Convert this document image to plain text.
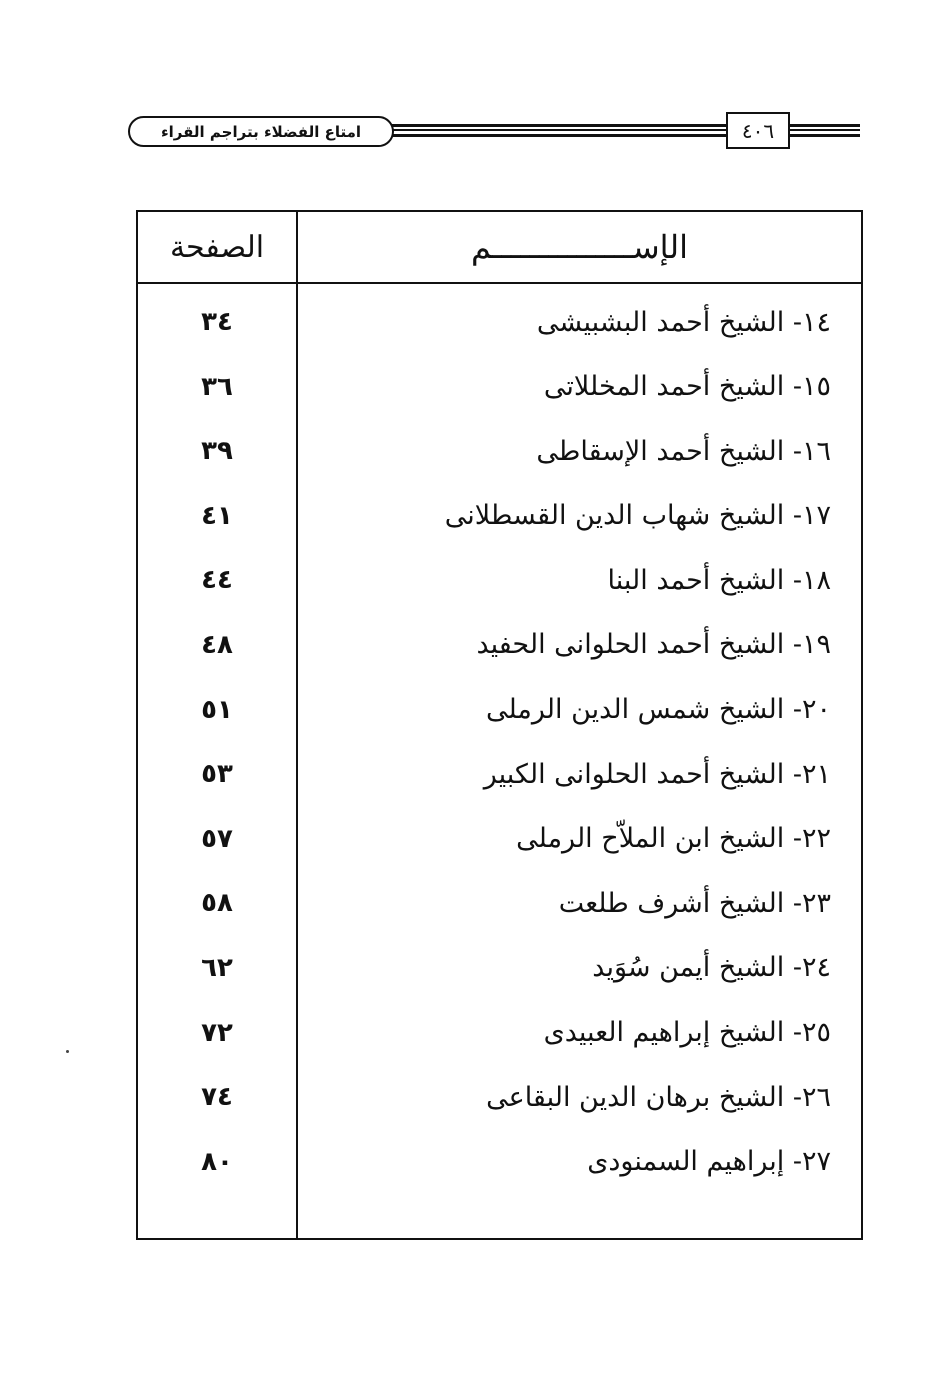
امتاع الفضلاء بتراجم القراء	٤٠٦
الصفحة	الإســـــــــــــــم
٣٤	١٤- الشيخ أحمد البشبيشى
٣٦	١٥- الشيخ أحمد المخللاتى
٣٩	١٦- الشيخ أحمد الإسقاطى
٤١	١٧- الشيخ شهاب الدين القسطلانى
٤٤	١٨- الشيخ أحمد البنا
٤٨	١٩- الشيخ أحمد الحلوانى الحفيد
٥١	٢٠- الشيخ شمس الدين الرملى
٥٣	٢١- الشيخ أحمد الحلوانى الكبير
٥٧	٢٢- الشيخ ابن الملاّح الرملى
٥٨	٢٣- الشيخ أشرف طلعت
٦٢	٢٤- الشيخ أيمن سُوَيد
٧٢	٢٥- الشيخ إبراهيم العبيدى
٧٤	٢٦- الشيخ برهان الدين البقاعى
٨٠	٢٧- إبراهيم السمنودى
